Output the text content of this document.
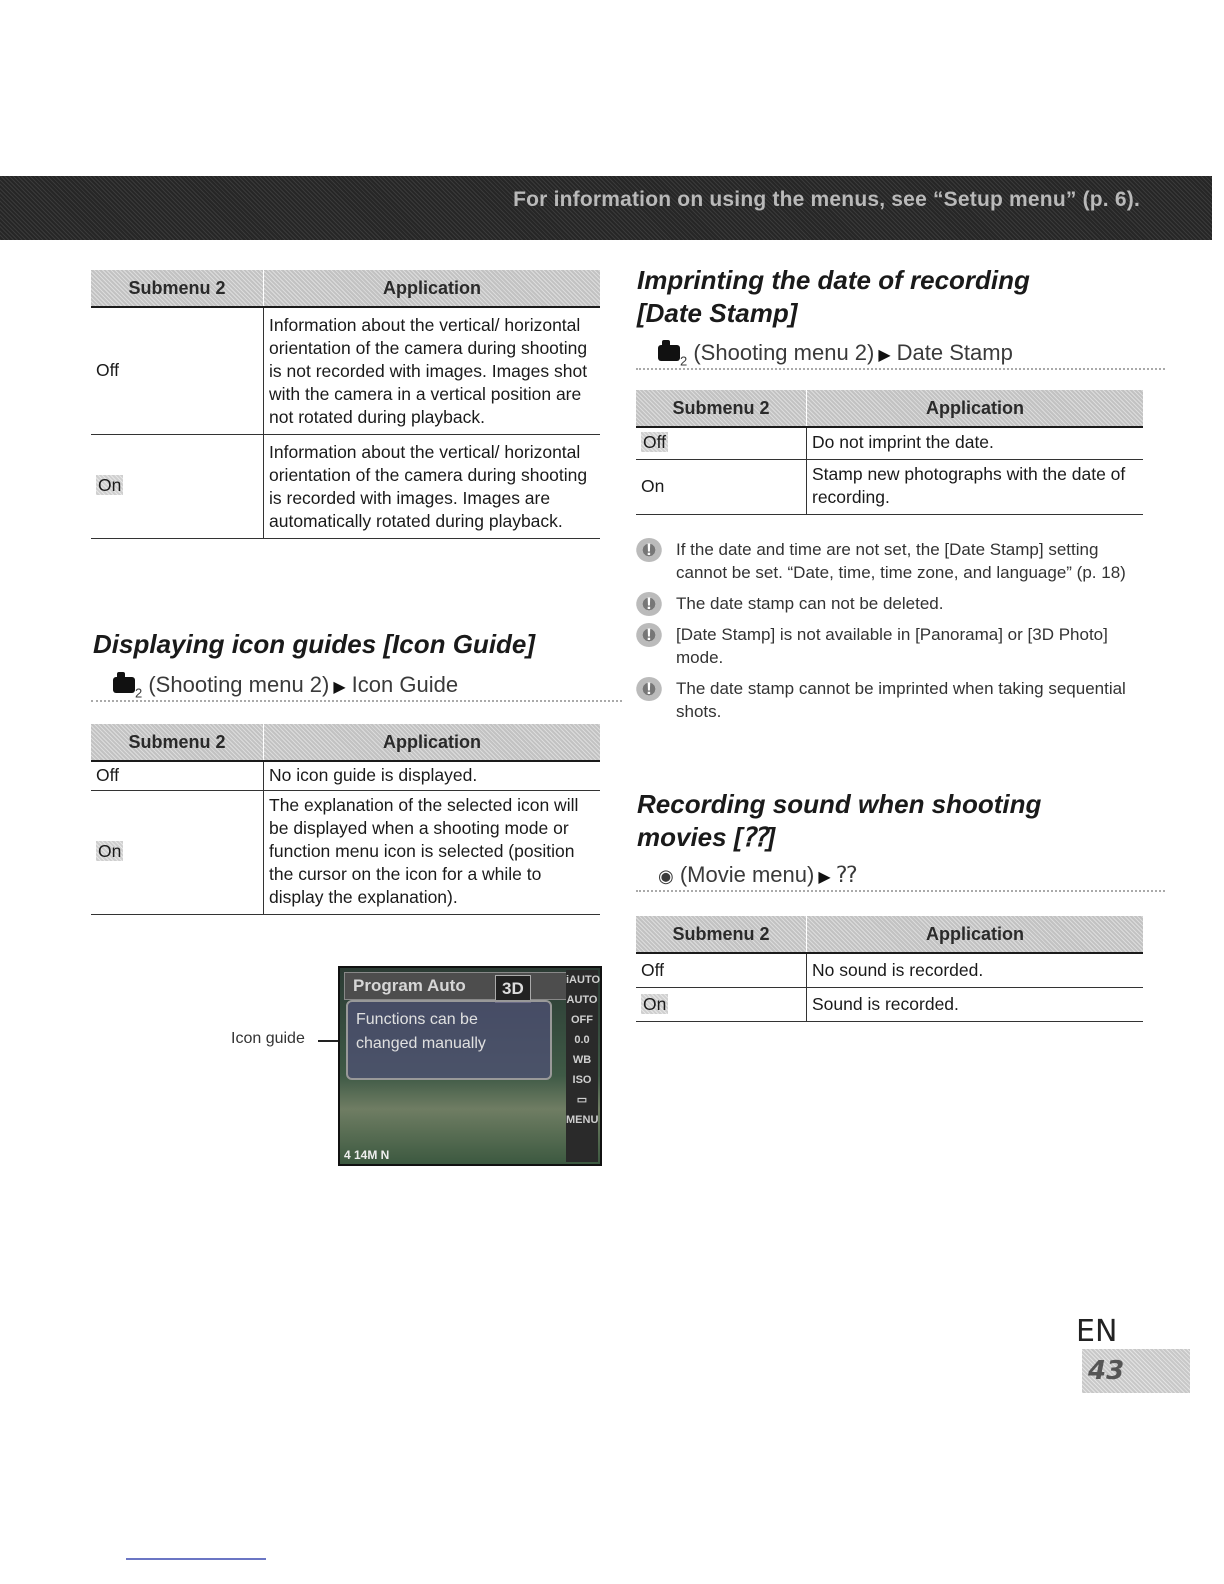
For information on using the menus, see “Setup menu” (p. 6).
Submenu 2	Application
Off	Information about the vertical/ horizontal orientation of the camera during shooting is not recorded with images. Images shot with the camera in a vertical position are not rotated during playback.
On	Information about the vertical/ horizontal orientation of the camera during shooting is recorded with images. Images are automatically rotated during playback.
Displaying icon guides [Icon Guide]
$_2$ (Shooting menu 2) ▶ Icon Guide
Submenu 2	Application
Off	No icon guide is displayed.
On	The explanation of the selected icon will be displayed when a shooting mode or function menu icon is selected (position the cursor on the icon for a while to display the explanation).
Icon guide
Program Auto	3D
Functions can be changed manually
iAUTO
AUTO
OFF
0.0
WB
ISO
▭
MENU
4 14M N
Imprinting the date of recording
[Date Stamp]
$_2$ (Shooting menu 2) ▶ Date Stamp
Submenu 2	Application
Off	Do not imprint the date.
On	Stamp new photographs with the date of recording.
!	If the date and time are not set, the [Date Stamp] setting cannot be set. “Date, time, time zone, and language” (p. 18)
!	The date stamp can not be deleted.
!	[Date Stamp] is not available in [Panorama] or [3D Photo] mode.
!	The date stamp cannot be imprinted when taking sequential shots.
Recording sound when shooting
movies [⁇]
◉ (Movie menu) ▶ ⁇
Submenu 2	Application
Off	No sound is recorded.
On	Sound is recorded.
EN43
